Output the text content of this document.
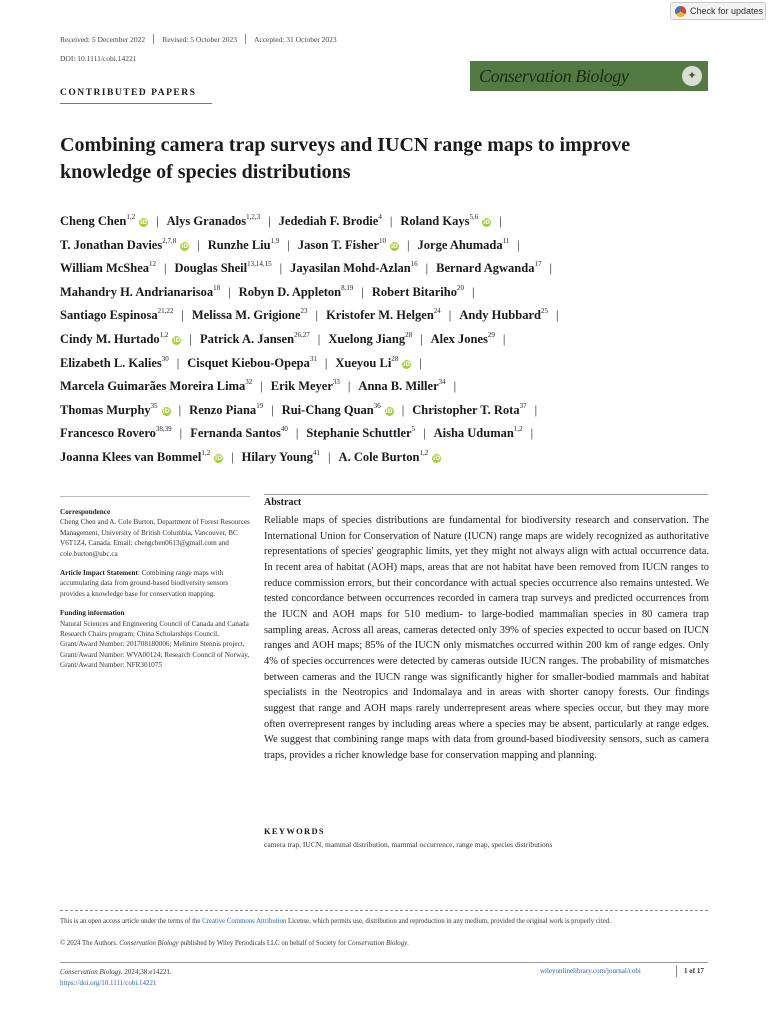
Check for updates
Received: 5 December 2022 Revised: 5 October 2023 Accepted: 31 October 2023
DOI: 10.1111/cobi.14221
Conservation Biology	✦
CONTRIBUTED PAPERS
Combining camera trap surveys and IUCN range maps to improve knowledge of species distributions
Cheng Chen$^{1,2}$iD | Alys Granados$^{1,2,3}$ | Jedediah F. Brodie$^4$ | Roland Kays$^{5,6}$iD |
T. Jonathan Davies$^{2,7,8}$iD | Runzhe Liu$^{1,9}$ | Jason T. Fisher$^{10}$iD | Jorge Ahumada$^{11}$ |
William McShea$^{12}$ | Douglas Sheil$^{13,14,15}$ | Jayasilan Mohd-Azlan$^{16}$ | Bernard Agwanda$^{17}$ |
Mahandry H. Andrianarisoa$^{18}$ | Robyn D. Appleton$^{8,19}$ | Robert Bitariho$^{20}$ |
Santiago Espinosa$^{21,22}$ | Melissa M. Grigione$^{23}$ | Kristofer M. Helgen$^{24}$ | Andy Hubbard$^{25}$ |
Cindy M. Hurtado$^{1,2}$iD | Patrick A. Jansen$^{26,27}$ | Xuelong Jiang$^{28}$ | Alex Jones$^{29}$ |
Elizabeth L. Kalies$^{30}$ | Cisquet Kiebou-Opepa$^{31}$ | Xueyou Li$^{28}$iD |
Marcela Guimarães Moreira Lima$^{32}$ | Erik Meyer$^{33}$ | Anna B. Miller$^{34}$ |
Thomas Murphy$^{35}$iD | Renzo Piana$^{19}$ | Rui-Chang Quan$^{36}$iD | Christopher T. Rota$^{37}$ |
Francesco Rovero$^{38,39}$ | Fernanda Santos$^{40}$ | Stephanie Schuttler$^5$ | Aisha Uduman$^{1,2}$ |
Joanna Klees van Bommel$^{1,2}$iD | Hilary Young$^{41}$ | A. Cole Burton$^{1,2}$iD
Correspondence
Cheng Chen and A. Cole Burton, Department of Forest Resources Management, University of British Columbia, Vancouver, BC V6T1Z4, Canada. Email: chengchen0613@gmail.com and
cole.burton@ubc.ca
Article Impact Statement: Combining range maps with accumulating data from ground-based biodiversity sensors provides a knowledge base for conservation mapping.
Funding information
Natural Sciences and Engineering Council of Canada and Canada Research Chairs program; China Scholarships Council, Grant/Award Number: 201708180006; Melinire Stennis project, Grant/Award Number: WVA00124; Research Council of Norway, Grant/Award Number: NFR301075
Abstract
Reliable maps of species distributions are fundamental for biodiversity research and conservation. The International Union for Conservation of Nature (IUCN) range maps are widely recognized as authoritative representations of species' geographic limits, yet they might not always align with actual occurrence data. In recent area of habitat (AOH) maps, areas that are not habitat have been removed from IUCN ranges to reduce commission errors, but their concordance with actual species occurrence also remains untested. We tested concordance between occurrences recorded in camera trap surveys and predicted occurrences from the IUCN and AOH maps for 510 medium- to large-bodied mammalian species in 80 camera trap sampling areas. Across all areas, cameras detected only 39% of species expected to occur based on IUCN ranges and AOH maps; 85% of the IUCN only mismatches occurred within 200 km of range edges. Only 4% of species occurrences were detected by cameras outside IUCN ranges. The probability of mismatches between cameras and the IUCN range was significantly higher for smaller-bodied mammals and habitat specialists in the Neotropics and Indomalaya and in areas with shorter canopy forests. Our findings suggest that range and AOH maps rarely underrepresent areas where species occur, but they may more often overrepresent ranges by including areas where a species may be absent, particularly at range edges. We suggest that combining range maps with data from ground-based biodiversity sensors, such as camera traps, provides a richer knowledge base for conservation mapping and planning.
KEYWORDS
camera trap, IUCN, mammal distribution, mammal occurrence, range map, species distributions
This is an open access article under the terms of the Creative Commons Attribution License, which permits use, distribution and reproduction in any medium, provided the original work is properly cited.
© 2024 The Authors. Conservation Biology published by Wiley Periodicals LLC on behalf of Society for Conservation Biology.
Conservation Biology. 2024;38:e14221.
https://doi.org/10.1111/cobi.14221
wileyonlinelibrary.com/journal/cobi	1 of 17
